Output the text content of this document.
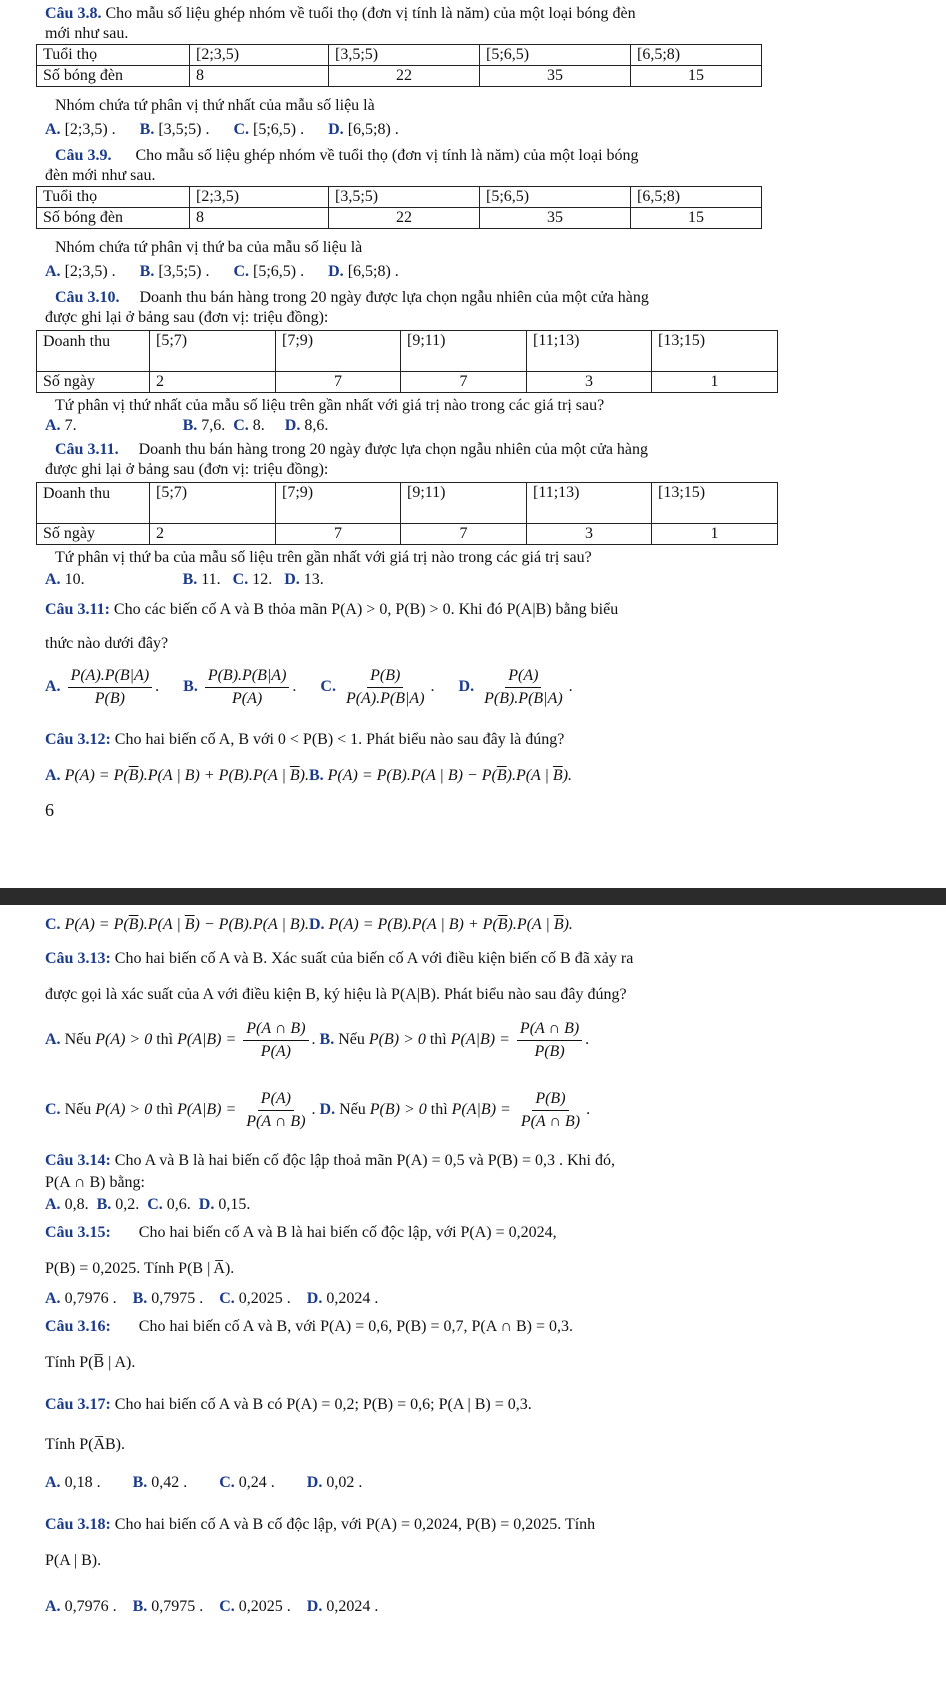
Câu 3.8. Cho mẫu số liệu ghép nhóm về tuổi thọ (đơn vị tính là năm) của một loại bóng đèn
mới như sau.
Tuổi thọ	[2;3,5)	[3,5;5)	[5;6,5)	[6,5;8)
Số bóng đèn	8	22	35	15
Nhóm chứa tứ phân vị thứ nhất của mẫu số liệu là
A. [2;3,5) . B. [3,5;5) . C. [5;6,5) . D. [6,5;8) .
Câu 3.9. Cho mẫu số liệu ghép nhóm về tuổi thọ (đơn vị tính là năm) của một loại bóng
đèn mới như sau.
Tuổi thọ	[2;3,5)	[3,5;5)	[5;6,5)	[6,5;8)
Số bóng đèn	8	22	35	15
Nhóm chứa tứ phân vị thứ ba của mẫu số liệu là
A. [2;3,5) . B. [3,5;5) . C. [5;6,5) . D. [6,5;8) .
Câu 3.10. Doanh thu bán hàng trong 20 ngày được lựa chọn ngẫu nhiên của một cửa hàng
được ghi lại ở bảng sau (đơn vị: triệu đồng):
Doanh thu	[5;7)	[7;9)	[9;11)	[11;13)	[13;15)
Số ngày	2	7	7	3	1
Tứ phân vị thứ nhất của mẫu số liệu trên gần nhất với giá trị nào trong các giá trị sau?
A. 7.	B. 7,6. C. 8. D. 8,6.
Câu 3.11. Doanh thu bán hàng trong 20 ngày được lựa chọn ngẫu nhiên của một cửa hàng
được ghi lại ở bảng sau (đơn vị: triệu đồng):
Doanh thu	[5;7)	[7;9)	[9;11)	[11;13)	[13;15)
Số ngày	2	7	7	3	1
Tứ phân vị thứ ba của mẫu số liệu trên gần nhất với giá trị nào trong các giá trị sau?
A. 10.	B. 11. C. 12. D. 13.
Câu 3.11: Cho các biến cố A và B thỏa mãn P(A) > 0, P(B) > 0. Khi đó P(A|B) bằng biểu
thức nào dưới đây?
A. $\frac{P(A).P(B|A)}{P(B)}$ .      B. $\frac{P(B).P(B|A)}{P(A)}$ .      C. $\frac{P(B)}{P(A).P(B|A)}$ .      D. $\frac{P(A)}{P(B).P(B|A)}$ .
Câu 3.12: Cho hai biến cố A, B với 0 < P(B) < 1. Phát biểu nào sau đây là đúng?
A. $P(A) = P(\overline{B}).P(A$ | B) + P(B).P(A | $\overline{B}).B$. P(A) = P(B).P(A | $B) - P(\overline{B}).P(A$ | $\overline{B}$).
6
C. $P(A) = P(\overline{B}).P(A$ | $\overline{B}) - P(B).P(A$ | B).D. P(A) = P(B).P(A | $B) + P(\overline{B}).P(A$ | $\overline{B}$).
Câu 3.13: Cho hai biến cố A và B. Xác suất của biến cố A với điều kiện biến cố B đã xảy ra
được gọi là xác suất của A với điều kiện B, ký hiệu là P(A|B). Phát biểu nào sau đây đúng?
A. Nếu P(A) > 0 thì $P(A|B) = \frac{P(A \cap B)}{P(A)}$ . B. Nếu P(B) > 0 thì $P(A|B) = \frac{P(A \cap B)}{P(B)}$ .
C. Nếu P(A) > 0 thì $P(A|B) = \frac{P(A)}{P(A \cap B)}$ . D. Nếu P(B) > 0 thì $P(A|B) = \frac{P(B)}{P(A \cap B)}$ .
Câu 3.14: Cho A và B là hai biến cố độc lập thoả mãn P(A) = 0,5 và P(B) = 0,3 . Khi đó,
P(A ∩ B) bằng:
A. 0,8. B. 0,2. C. 0,6. D. 0,15.
Câu 3.15: Cho hai biến cố A và B là hai biến cố độc lập, với P(A) = 0,2024,
P(B) = 0,2025. Tính P(B | A̅).
A. 0,7976 . B. 0,7975 . C. 0,2025 . D. 0,2024 .
Câu 3.16: Cho hai biến cố A và B, với P(A) = 0,6, P(B) = 0,7, P(A ∩ B) = 0,3.
Tính P(B̅ | A).
Câu 3.17: Cho hai biến cố A và B có P(A) = 0,2; P(B) = 0,6; P(A | B) = 0,3.
Tính P(A̅B).
A. 0,18 . B. 0,42 . C. 0,24 . D. 0,02 .
Câu 3.18: Cho hai biến cố A và B cố độc lập, với P(A) = 0,2024, P(B) = 0,2025. Tính
P(A | B).
A. 0,7976 . B. 0,7975 . C. 0,2025 . D. 0,2024 .
